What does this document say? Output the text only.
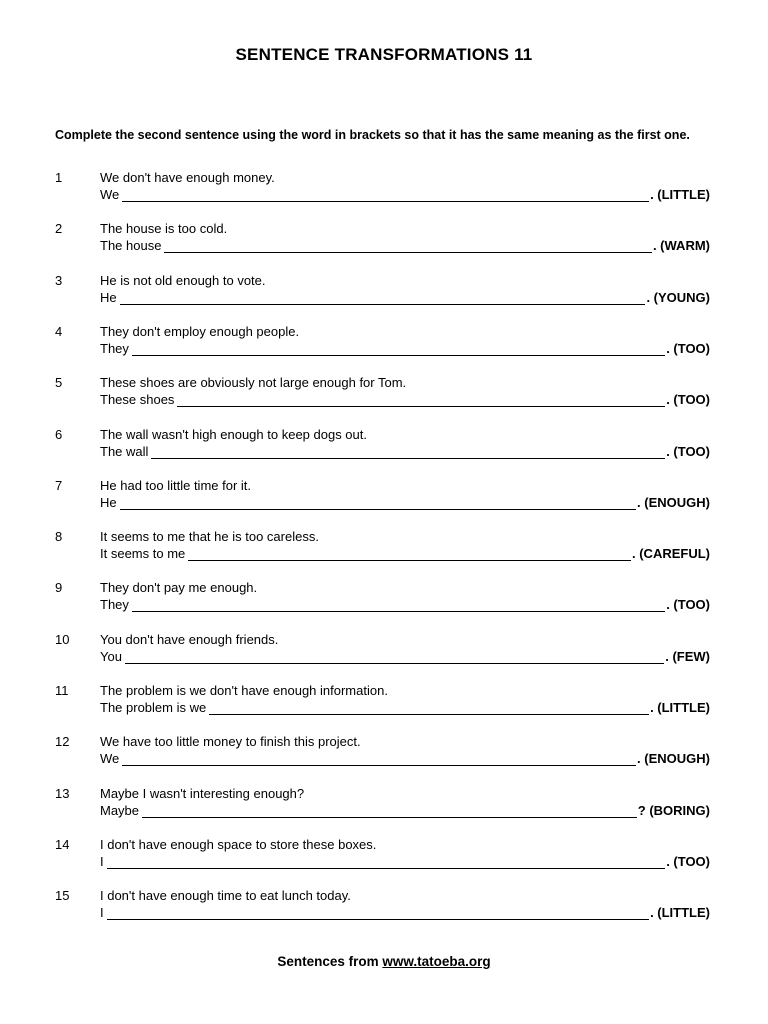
SENTENCE TRANSFORMATIONS 11
Complete the second sentence using the word in brackets so that it has the same meaning as the first one.
1	We don't have enough money.
We	. (LITTLE)
2	The house is too cold.
The house	. (WARM)
3	He is not old enough to vote.
He	. (YOUNG)
4	They don't employ enough people.
They	. (TOO)
5	These shoes are obviously not large enough for Tom.
These shoes	. (TOO)
6	The wall wasn't high enough to keep dogs out.
The wall	. (TOO)
7	He had too little time for it.
He	. (ENOUGH)
8	It seems to me that he is too careless.
It seems to me	. (CAREFUL)
9	They don't pay me enough.
They	. (TOO)
10 You don't have enough friends.
You	. (FEW)
11 The problem is we don't have enough information.
The problem is we	. (LITTLE)
12 We have too little money to finish this project.
We	. (ENOUGH)
13 Maybe I wasn't interesting enough?
Maybe	? (BORING)
14 I don't have enough space to store these boxes.
I	. (TOO)
15 I don't have enough time to eat lunch today.
I	. (LITTLE)
Sentences from www.tatoeba.org
